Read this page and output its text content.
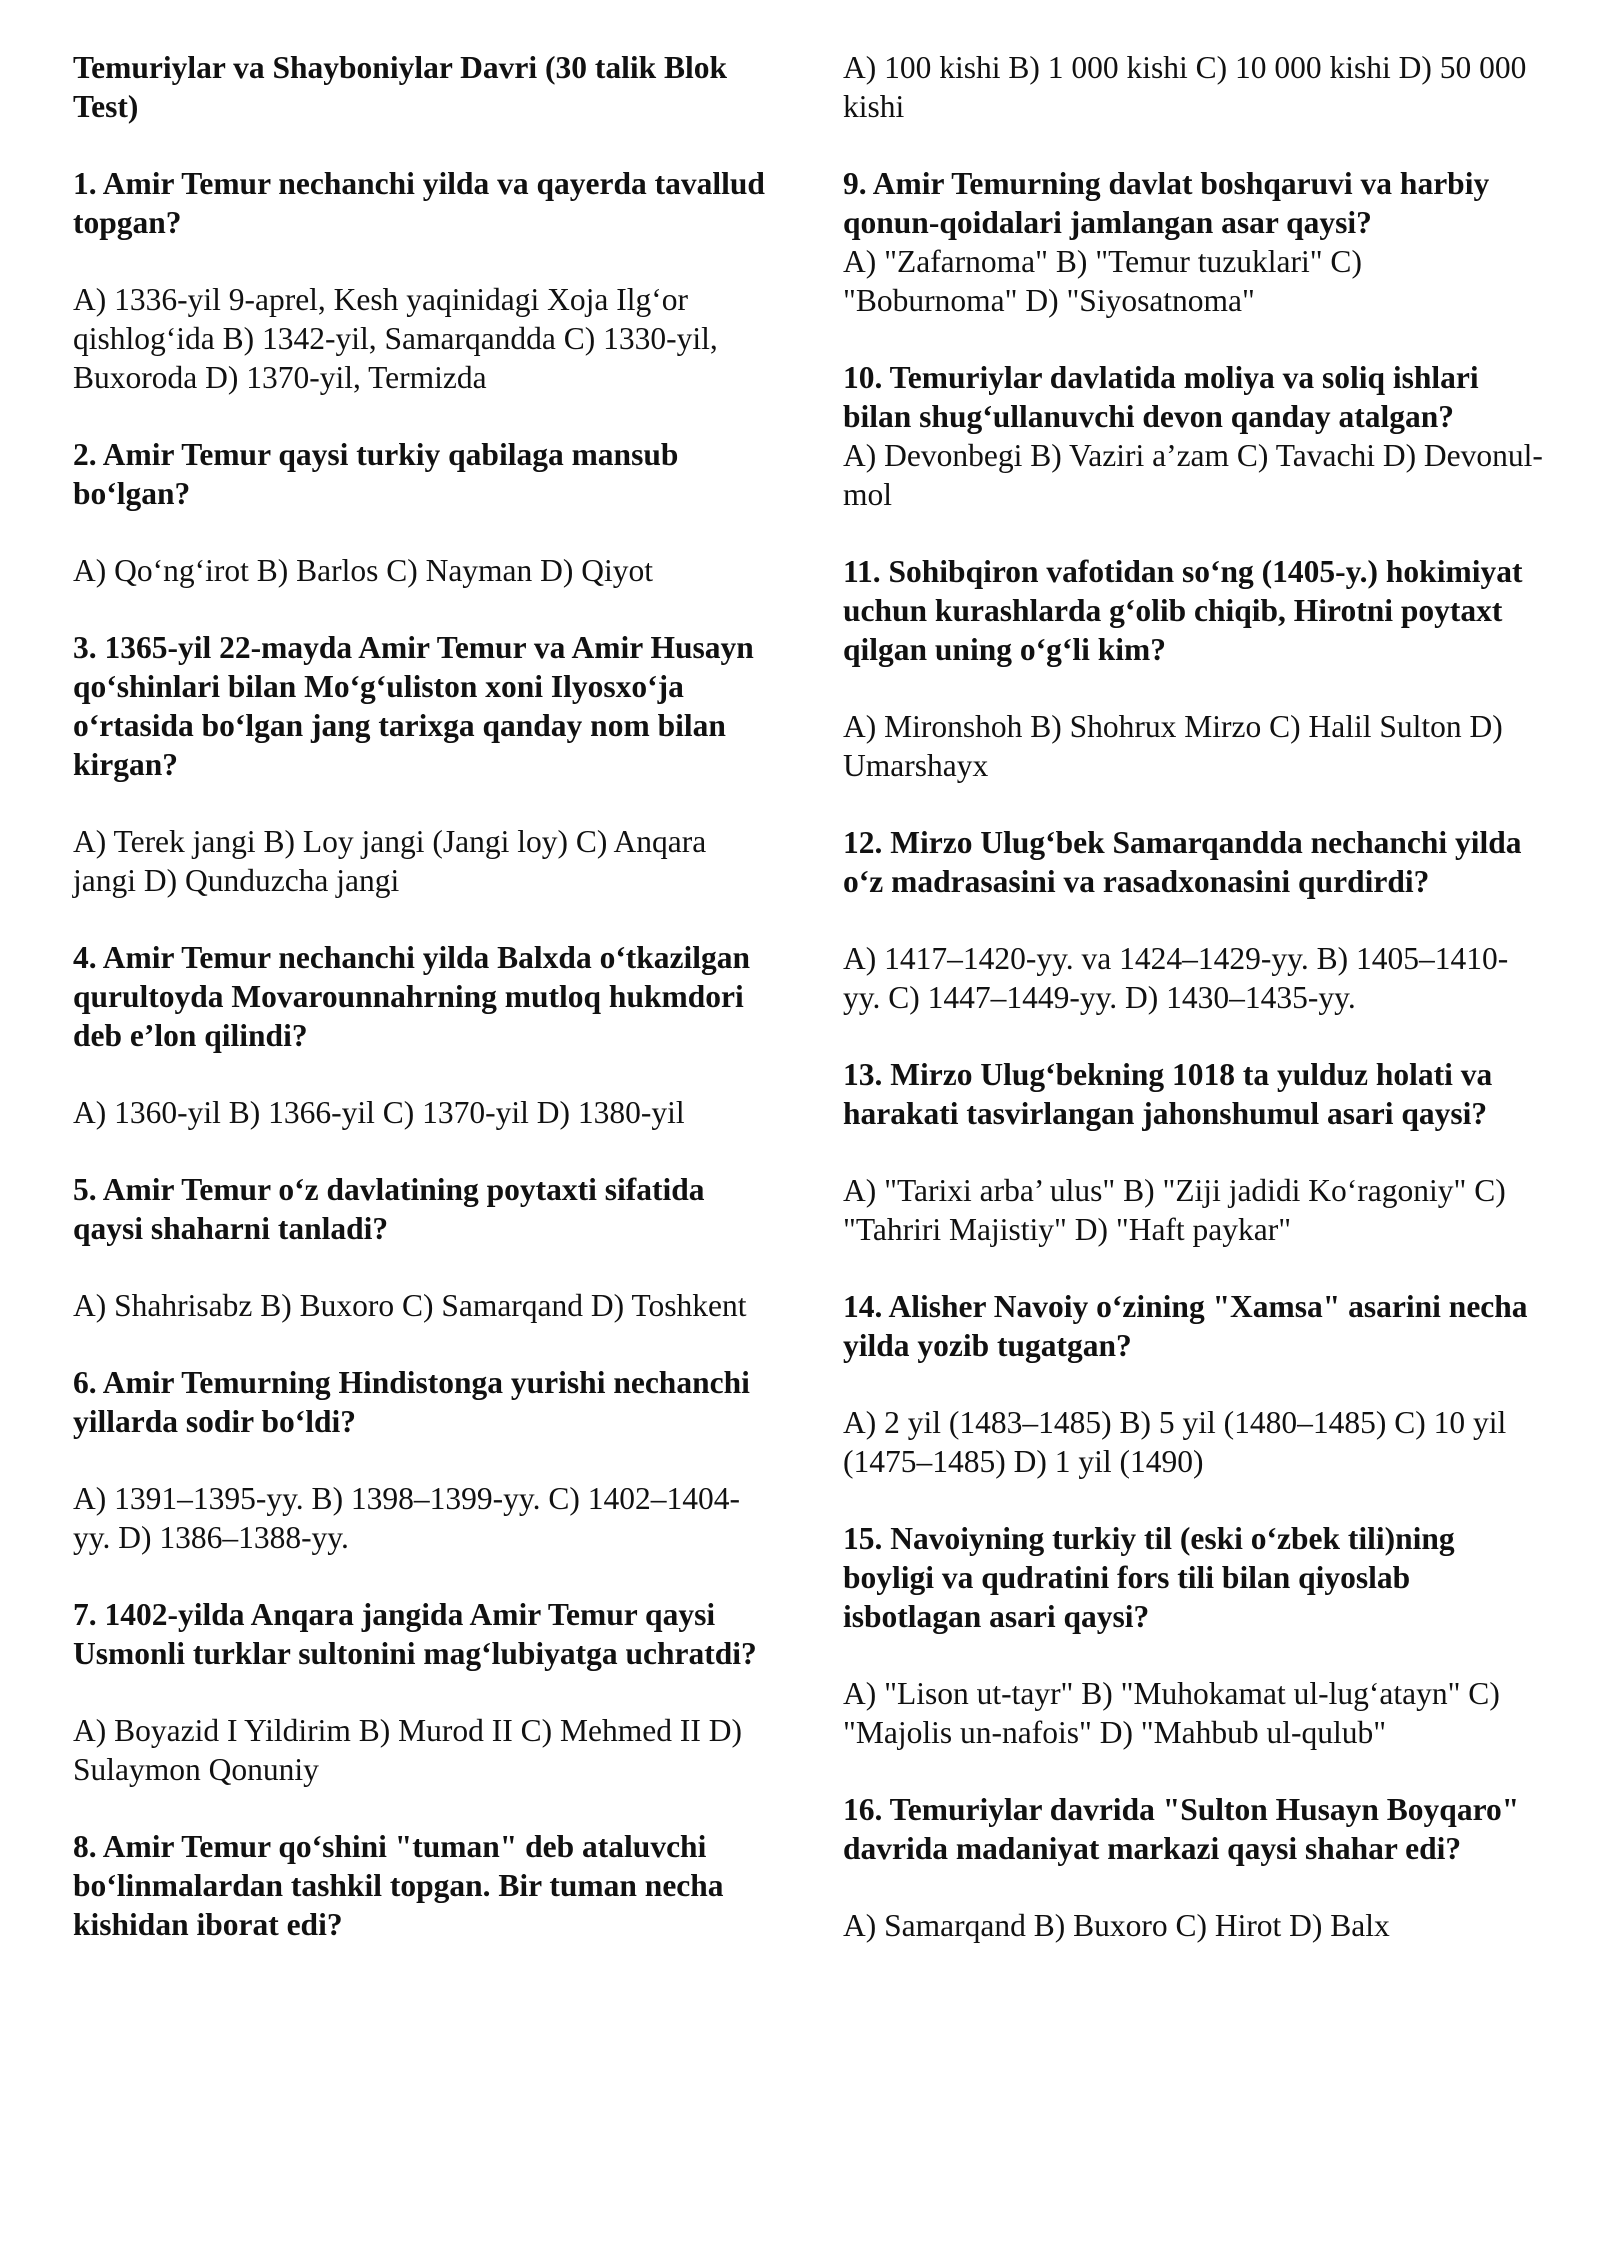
Temuriylar va Shayboniylar Davri (30 talik Blok Test)

1. Amir Temur nechanchi yilda va qayerda tavallud topgan?

A) 1336-yil 9-aprel, Kesh yaqinidagi Xoja Ilg‘or qishlog‘ida B) 1342-yil, Samarqandda C) 1330-yil, Buxoroda D) 1370-yil, Termizda

2. Amir Temur qaysi turkiy qabilaga mansub bo‘lgan?

A) Qo‘ng‘irot B) Barlos C) Nayman D) Qiyot

3. 1365-yil 22-mayda Amir Temur va Amir Husayn qo‘shinlari bilan Mo‘g‘uliston xoni Ilyosxo‘ja o‘rtasida bo‘lgan jang tarixga qanday nom bilan kirgan?

A) Terek jangi B) Loy jangi (Jangi loy) C) Anqara jangi D) Qunduzcha jangi

4. Amir Temur nechanchi yilda Balxda o‘tkazilgan qurultoyda Movarounnahrning mutloq hukmdori deb e’lon qilindi?

A) 1360-yil B) 1366-yil C) 1370-yil D) 1380-yil

5. Amir Temur o‘z davlatining poytaxti sifatida qaysi shaharni tanladi?

A) Shahrisabz B) Buxoro C) Samarqand D) Toshkent

6. Amir Temurning Hindistonga yurishi nechanchi yillarda sodir bo‘ldi?

A) 1391–1395-yy. B) 1398–1399-yy. C) 1402–1404-yy. D) 1386–1388-yy.

7. 1402-yilda Anqara jangida Amir Temur qaysi Usmonli turklar sultonini mag‘lubiyatga uchratdi?

A) Boyazid I Yildirim B) Murod II C) Mehmed II D) Sulaymon Qonuniy

8. Amir Temur qo‘shini "tuman" deb ataluvchi bo‘linmalardan tashkil topgan. Bir tuman necha kishidan iborat edi?

A) 100 kishi B) 1 000 kishi C) 10 000 kishi D) 50 000 kishi

9. Amir Temurning davlat boshqaruvi va harbiy qonun-qoidalari jamlangan asar qaysi?

A) "Zafarnoma" B) "Temur tuzuklari" C) "Boburnoma" D) "Siyosatnoma"

10. Temuriylar davlatida moliya va soliq ishlari bilan shug‘ullanuvchi devon qanday atalgan?

A) Devonbegi B) Vaziri a’zam C) Tavachi D) Devonul-mol

11. Sohibqiron vafotidan so‘ng (1405-y.) hokimiyat uchun kurashlarda g‘olib chiqib, Hirotni poytaxt qilgan uning o‘g‘li kim?

A) Mironshoh B) Shohrux Mirzo C) Halil Sulton D) Umarshayx

12. Mirzo Ulug‘bek Samarqandda nechanchi yilda o‘z madrasasini va rasadxonasini qurdirdi?

A) 1417–1420-yy. va 1424–1429-yy. B) 1405–1410-yy. C) 1447–1449-yy. D) 1430–1435-yy.

13. Mirzo Ulug‘bekning 1018 ta yulduz holati va harakati tasvirlangan jahonshumul asari qaysi?

A) "Tarixi arba’ ulus" B) "Ziji jadidi Ko‘ragoniy" C) "Tahriri Majistiy" D) "Haft paykar"

14. Alisher Navoiy o‘zining "Xamsa" asarini necha yilda yozib tugatgan?

A) 2 yil (1483–1485) B) 5 yil (1480–1485) C) 10 yil (1475–1485) D) 1 yil (1490)

15. Navoiyning turkiy til (eski o‘zbek tili)ning boyligi va qudratini fors tili bilan qiyoslab isbotlagan asari qaysi?

A) "Lison ut-tayr" B) "Muhokamat ul-lug‘atayn" C) "Majolis un-nafois" D) "Mahbub ul-qulub"

16. Temuriylar davrida "Sulton Husayn Boyqaro" davrida madaniyat markazi qaysi shahar edi?

A) Samarqand B) Buxoro C) Hirot D) Balx
